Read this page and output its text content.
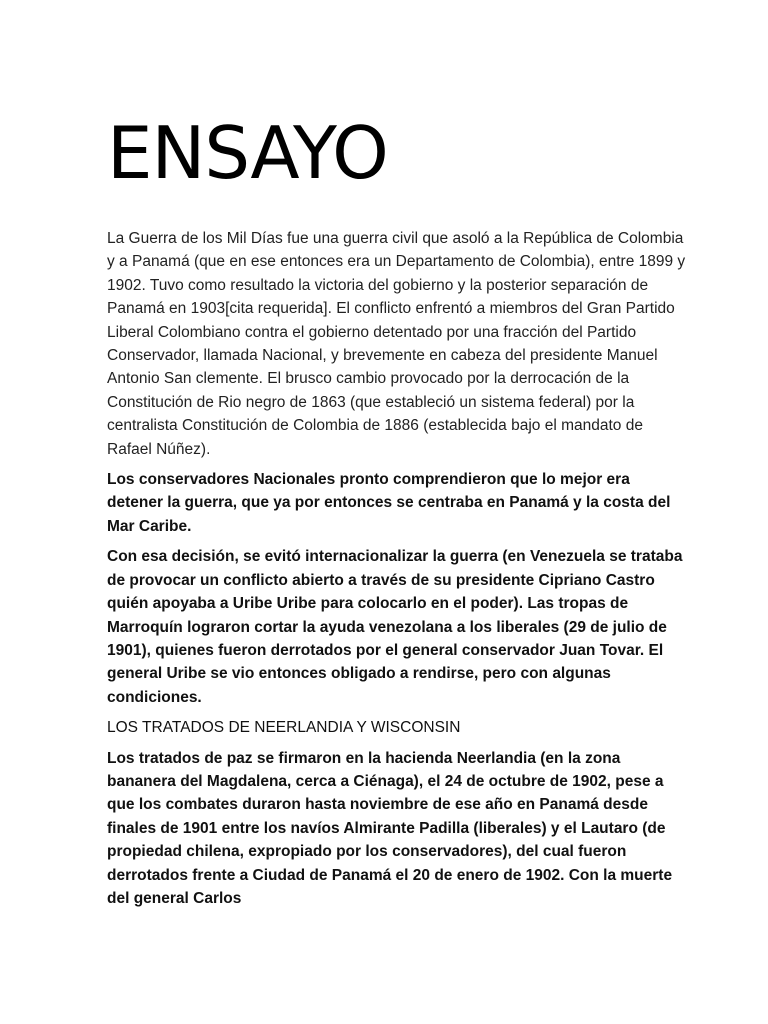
ENSAYO

La Guerra de los Mil Días fue una guerra civil que asoló a la República de Colombia y a Panamá (que en ese entonces era un Departamento de Colombia), entre 1899 y 1902. Tuvo como resultado la victoria del gobierno y la posterior separación de Panamá en 1903[cita requerida]. El conflicto enfrentó a miembros del Gran Partido Liberal Colombiano contra el gobierno detentado por una fracción del Partido Conservador, llamada Nacional, y brevemente en cabeza del presidente Manuel Antonio San clemente. El brusco cambio provocado por la derrocación de la Constitución de Rio negro de 1863 (que estableció un sistema federal) por la centralista Constitución de Colombia de 1886 (establecida bajo el mandato de Rafael Núñez).

Los conservadores Nacionales pronto comprendieron que lo mejor era detener la guerra, que ya por entonces se centraba en Panamá y la costa del Mar Caribe.

Con esa decisión, se evitó internacionalizar la guerra (en Venezuela se trataba de provocar un conflicto abierto a través de su presidente Cipriano Castro quién apoyaba a Uribe Uribe para colocarlo en el poder). Las tropas de Marroquín lograron cortar la ayuda venezolana a los liberales (29 de julio de 1901), quienes fueron derrotados por el general conservador Juan Tovar. El general Uribe se vio entonces obligado a rendirse, pero con algunas condiciones.

LOS TRATADOS DE NEERLANDIA Y WISCONSIN

Los tratados de paz se firmaron en la hacienda Neerlandia (en la zona bananera del Magdalena, cerca a Ciénaga), el 24 de octubre de 1902, pese a que los combates duraron hasta noviembre de ese año en Panamá desde finales de 1901 entre los navíos Almirante Padilla (liberales) y el Lautaro (de propiedad chilena, expropiado por los conservadores), del cual fueron derrotados frente a Ciudad de Panamá el 20 de enero de 1902. Con la muerte del general Carlos
